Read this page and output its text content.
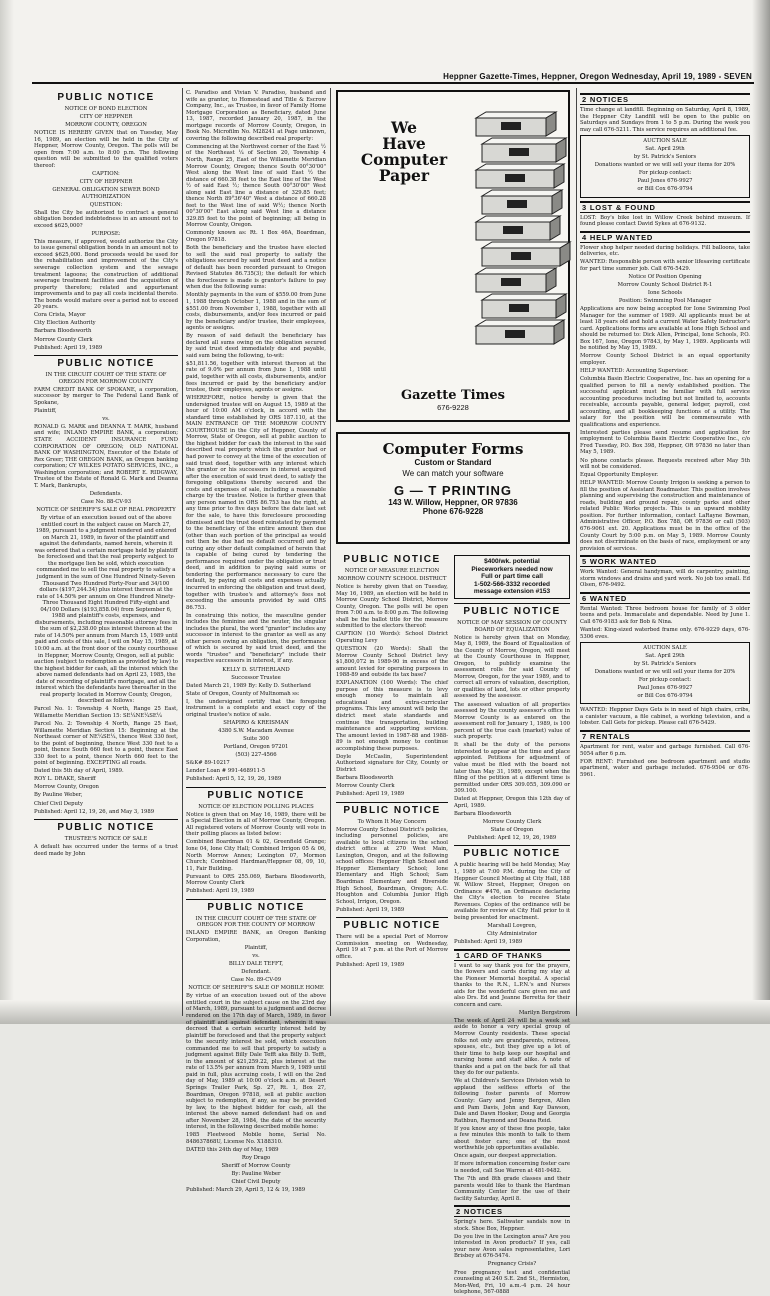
Heppner Gazette-Times, Heppner, Oregon Wednesday, April 19, 1989 - SEVEN
PUBLIC NOTICE

NOTICE OF BOND ELECTION

CITY OF HEPPNER

MORROW COUNTY, OREGON

NOTICE IS HEREBY GIVEN that on Tuesday, May 16, 1989, an election will be held in the City of Heppner, Morrow County, Oregon. The polls will be open from 7:00 a.m. to 8:00 p.m. The following question will be submitted to the qualified voters thereof:

CAPTION:

CITY OF HEPPNER

GENERAL OBLIGATION SEWER BOND AUTHORIZATION

QUESTION:

Shall the City be authorized to contract a general obligation bonded indebtedness in an amount not to exceed $625,000?

PURPOSE:

This measure, if approved, would authorize the City to issue general obligation bonds in an amount not to exceed $625,000. Bond proceeds would be used for the rehabilitation and improvement of the City's sewerage collection system and the sewage treatment lagoons; the construction of additional sewerage treatment facilities and the acquisition of property therefore; related and appurtenant improvements and to pay all costs incidental thereto. The bonds would mature over a period not to exceed 20 years.

Cora Crista, Mayor

City Election Authority

Barbara Bloodsworth

Morrow County Clerk

Published: April 19, 1989

PUBLIC NOTICE

IN THE CIRCUIT COURT OF THE STATE OF OREGON FOR MORROW COUNTY

FARM CREDIT BANK OF SPOKANE, a corporation, successor by merger to The Federal Land Bank of Spokane,

Plaintiff,

vs.

RONALD G. MARK and DEANNA T. MARK, husband and wife; INLAND EMPIRE BANK, a corporation; STATE ACCIDENT INSURANCE FUND CORPORATION OF OREGON; OLD NATIONAL BANK OF WASHINGTON, Executor of the Estate of Rex Greer; THE OREGON BANK, an Oregon banking corporation; CY WILKES POTATO SERVICES, INC., a Washington corporation; and ROBERT E. RIDGWAY, Trustee of the Estate of Ronald G. Mark and Deanna T. Mark, Bankrupts,

Defendants.

Case No. 88-CV-93

NOTICE OF SHERIFF'S SALE OF REAL PROPERTY

By virtue of an execution issued out of the above entitled court in the subject cause on March 27, 1989, pursuant to a judgment rendered and entered on March 21, 1989, in favor of the plaintiff and against the defendants, named herein, wherein it was ordered that a certain mortgage held by plaintiff be foreclosed and that the real property subject to the mortgage lien be sold, which execution commanded me to sell the real property to satisfy a judgment in the sum of One Hundred Ninety-Seven Thousand Two Hundred Forty-Four and 34/100 dollars ($197,244.34) plus interest thereon at the rate of 14.50% per annum on One Hundred Ninety-Three Thousand Eight Hundred Fifty-eight and 04/100 Dollars ($193,858.04) from September 6, 1988 and plaintiff's costs, expenses, and disbursements, including reasonable attorney fees in the sum of $2,238.00 plus interest thereon at the rate of 14.50% per annum from March 15, 1989 until paid and costs of this sale, I will on May 15, 1989, at 10:00 a.m. at the front door of the county courthouse in Heppner, Morrow County, Oregon, sell at public auction (subject to redemption as provided by law) to the highest bidder for cash, all the interest which the above named defendants had on April 23, 1985, the date of recording of plaintiff's mortgage, and all the interest which the defendants have thereafter in the real property located in Morrow County, Oregon, described as follows:

Parcel No. 1: Township 4 North, Range 25 East, Willamette Meridian Section 15: SE¼NE¼SE¼

Parcel No. 2: Township 4 North, Range 25 East, Willamette Meridian Section 15: Beginning at the Northeast corner of NE¼SE¼, thence West 330 feet, to the point of beginning, thence West 330 feet to a point, thence South 660 feet to a point, thence East 330 feet to a point, thence North 660 feet to the point of beginning. EXCEPTING all roads.

Dated this 5th day of April, 1989.

ROY L. DRAKE, Sheriff

Morrow County, Oregon

By Pauline Weber,

Chief Civil Deputy

Published: April 12, 19, 26, and May 3, 1989

PUBLIC NOTICE

TRUSTEE'S NOTICE OF SALE

A default has occurred under the terms of a trust deed made by John

C. Paradiso and Vivian V. Paradiso, husband and wife as grantor, to Homestead and Title & Escrow Company, Inc., as Trustee, in favor of Family Home Mortgage Corporation as Beneficiary, dated June 13, 1987, recorded January 20, 1987, in the mortgage records of Morrow County, Oregon, in Book No. Microfilm No. M28241 at Page unknown, covering the following described real property:

Commencing at the Northwest corner of the East ½ of the Northeast ¼ of Section 20, Township 4 North, Range 25, East of the Willamette Meridian Morrow County, Oregon; thence South 00°30'00" West along the West line of said East ½ the distance of 660.38 feet to the East line of the West ½ of said East ½; thence South 00°30'00" West along said East line a distance of 329.85 feet; thence North 89°36'40" West a distance of 660.28 feet to the West line of said W½; thence North 00°30'00" East along said West line a distance 329.85 feet to the point of beginning; all being in Morrow County, Oregon.

Commonly known as: Rt. 1 Box 46A, Boardman, Oregon 97818.

Both the beneficiary and the trustee have elected to sell the said real property to satisfy the obligations secured by said trust deed and a notice of default has been recorded pursuant to Oregon Revised Statutes 86.735(3); the default for which the foreclosure is made is grantor's failure to pay when due the following sums:

Monthly payments in the sum of $559.00 from June 1, 1988 through October 1, 1988 and in the sum of $551.00 from November 1, 1988, together with all costs, disbursements, and/or fees incurred or paid by the beneficiary and/or trustee, their employees, agents or assigns.

By reason of said default the beneficiary has declared all sums owing on the obligation secured by said trust deed immediately due and payable, said sum being the following, to-wit:

$51,811.56, together with interest thereon at the rate of 9.0% per annum from June 1, 1988 until paid, together with all costs, disbursements, and/or fees incurred or paid by the beneficiary and/or trustee, their employees, agents or assigns.

WHEREFORE, notice hereby is given that the undersigned trustee will on August 15, 1989 at the hour of 10:00 AM o'clock, in accord with the standard time established by ORS 187.110, at the MAIN ENTRANCE OF THE MORROW COUNTY COURTHOUSE in the City of Heppner, County of Morrow, State of Oregon, sell at public auction to the highest bidder for cash the interest in the said described real property which the grantor had or had power to convey at the time of the execution of said trust deed, together with any interest which the grantor or his successors in interest acquired after the execution of said trust deed, to satisfy the foregoing obligations thereby secured and the costs and expenses of sale, including a reasonable charge by the trustee. Notice is further given that any person named in ORS 86.753 has the right, at any time prior to five days before the date last set for the sale, to have this foreclosure proceeding dismissed and the trust deed reinstated by payment to the beneficiary of the entire amount then due (other than such portion of the principal as would not then be due had no default occurred) and by curing any other default complained of herein that is capable of being cured by tendering the performance required under the obligation or trust deed, and in addition to paying said sums or tendering the performance necessary to cure the default, by paying all costs and expenses actually incurred in enforcing the obligation and trust deed, together with trustee's and attorney's fees not exceeding the amounts provided by said ORS 86.753.

In construing this notice, the masculine gender includes the feminine and the neuter, the singular includes the plural, the word "grantor" includes any successor in interest to the grantor as well as any other person owing an obligation, the performance of which is secured by said trust deed, and the words "trustee" and "beneficiary" include their respective successors in interest, if any.

KELLY D. SUTHERLAND

Successor Trustee

Dated March 21, 1989 By: Kelly D. Sutherland

State of Oregon, County of Multnomah ss:

I, the undersigned certify that the foregoing instrument is a complete and exact copy of the original trustee's notice of sale.

SHAPIRO & KREISMAN

4380 S.W. Macadam Avenue

Suite 300

Portland, Oregon 97201

(503) 227-4566

S&K# 89-10217

Lender Loan # 991-468911-5

Published: April 5, 12, 19, 26, 1989

PUBLIC NOTICE

NOTICE OF ELECTION POLLING PLACES

Notice is given that on May 16, 1989, there will be a Special Election in all of Morrow County, Oregon. All registered voters of Morrow County will vote in their polling places as listed below:

Combined Boardman 01 & 02, Greenfield Grange; Ione 04, Ione City Hall; Combined Irrigon 05 & 06, North Morrow Annex; Lexington 07, Mormon Church; Combined Hardman/Heppner 08, 09, 10, 11, Fair Building.

Pursuant to ORS 255.069, Barbara Bloodsworth, Morrow County Clerk

Published: April 19, 1989

PUBLIC NOTICE

IN THE CIRCUIT COURT OF THE STATE OF OREGON FOR THE COUNTY OF MORROW

INLAND EMPIRE BANK, an Oregon Banking Corporation,

Plaintiff,

vs.

BILLY DALE TEFFT,

Defendant.

Case No. 89-CV-09

NOTICE OF SHERIFF'S SALE OF MOBILE HOME

By virtue of an execution issued out of the above entitled court in the subject cause on the 23rd day of March, 1989, pursuant to a judgment and decree rendered on the 17th day of March, 1989, in favor of plaintiff and against defendant, wherein it was decreed that a certain security interest held by plaintiff be foreclosed and that the property subject to the security interest be sold, which execution commanded me to sell that property to satisfy a judgment against Billy Dale Tefft aka Billy D. Tefft, in the amount of $21,259.22, plus interest at the rate of 13.5% per annum from March 9, 1989 until paid in full, plus accruing costs, I will on the 2nd day of May, 1989 at 10:00 o'clock a.m. at Desert Springs Trailer Park, Sp. 27, Rt. 1, Box 27, Boardman, Oregon 97818, sell at public auction subject to redemption, if any, as may be provided by law, to the highest bidder for cash, all the interest the above named defendant had on and after November 28, 1984, the date of the security interest, in the following described mobile home:

1985 Fleetwood Mobile home, Serial No. 848637868U, License No. X188310.

DATED this 24th day of May, 1989

Roy Drago

Sheriff of Morrow County

By: Pauline Weber

Chief Civil Deputy

Published: March 29, April 5, 12 & 19, 1989

We
Have
Computer
Paper
Gazette Times
676-9228
Computer Forms
Custom or Standard
We can match your software
G — T PRINTING
143 W. Willow, Heppner, OR 97836
Phone 676-9228
PUBLIC NOTICE

NOTICE OF MEASURE ELECTION

MORROW COUNTY SCHOOL DISTRICT

Notice is hereby given that on Tuesday, May 16, 1989, an election will be held in Morrow County School District, Morrow County, Oregon. The polls will be open from 7:00 a.m. to 8:00 p.m. The following shall be the ballot title for the measure submitted to the electors thereof:

CAPTION (10 Words): School District Operating Levy

QUESTION (20 Words): Shall the Morrow County School District levy $1,800,072 in 1989-90 in excess of the amount levied for operating purposes in 1988-89 and outside its tax base?

EXPLANATION (100 Words): The chief purpose of this measure is to levy enough money to maintain all educational and extra-curricular programs. This levy amount will help the district meet state standards and continue the transportation, building maintenance and supporting services. The amount levied in 1987-88 and 1988-89 is not enough money to continue accomplishing these purposes.

Doyle McCaslin, Superintendent Authorized signature for City, County or District

Barbara Bloodsworth

Morrow County Clerk

Published: April 19, 1989

PUBLIC NOTICE

To Whom It May Concern

Morrow County School District's policies, including personnel policies, are available to local citizens in the school district office at 270 West Main, Lexington, Oregon, and at the following school offices: Heppner High School and Heppner Elementary School; Ione Elementary and High School; Sam Boardman Elementary and Riverside High School, Boardman, Oregon; A.C. Houghton and Columbia Junior High School, Irrigon, Oregon.

Published: April 19, 1989

PUBLIC NOTICE

There will be a special Port of Morrow Commission meeting on Wednesday, April 19 at 7 p.m. at the Port of Morrow office.

Published: April 19, 1989

$400/wk. potential
Pieceworkers needed now
Full or part time call
1-502-566-3332 recorded
message extension #153
PUBLIC NOTICE

NOTICE OF MAY SESSION OF COUNTY BOARD OF EQUALIZATION

Notice is hereby given that on Monday, May 8, 1989, the Board of Equalization of the County of Morrow, Oregon, will meet at the County Courthouse in Heppner, Oregon, to publicly examine the assessment rolls for said County of Morrow, Oregon, for the year 1989, and to correct all errors of valuation, description, or qualities of land, lots or other property assessed by the assessor.

The assessed valuation of all properties assessed by the county assessor's office in Morrow County is as entered on the assessment roll for January 1, 1989, is 100 percent of the true cash (market) value of such property.

It shall be the duty of the persons interested to appear at the time and place appointed. Petitions for adjustment of value must be filed with the board not later than May 31, 1989, except when the filing of the petition at a different time is permitted under ORS 309.055, 309.090 or 309.100.

Dated at Heppner, Oregon this 12th day of April, 1989.

Barbara Bloodsworth

Morrow County Clerk

State of Oregon

Published: April 12, 19, 26, 1989

PUBLIC NOTICE

A public hearing will be held Monday, May 1, 1989 at 7:00 P.M. during the City of Heppner Council Meeting at City Hall, 188 W. Willow Street, Heppner, Oregon on Ordinance #476, an Ordinance declaring the City's election to receive State Revenues. Copies of the ordinance will be available for review at City Hall prior to it being presented for enactment.

Marshall Lovgren,

City Administrator

Published: April 19, 1989

1 CARD OF THANKS

I want to say thank you for the prayers, the flowers and cards during my stay at the Pioneer Memorial hospital. A special thanks to the R.N., L.P.N.'s and Nurses aids for the wonderful care given me and also Drs. Ed and Jeanne Berretta for their concern and care.

Marilyn Bergstrom

The week of April 24 will be a week set aside to honor a very special group of Morrow County residents. These special folks not only are grandparents, retirees, spouses, etc., but they give up a lot of their time to help keep our hospital and nursing home and staff alike. A note of thanks and a pat on the back for all that they do for our patients.

We at Children's Services Division wish to applaud the selfless efforts of the following foster parents of Morrow County: Gary and Jenny Bergren, Allen and Pam Davis, John and Kay Dawson, Dale and Dawn Hooker, Doug and Georgia Rathbun, Raymond and Deana Reid.

If you know any of these fine people, take a few minutes this month to talk to them about foster care; one of the most worthwhile job opportunities available.

Once again, our deepest appreciation.

If more information concerning foster care is needed, call Sue Warren at 481-9482.

The 7th and 8th grade classes and their parents would like to thank the Hardman Community Center for the use of their facility Saturday, April 8.

2 NOTICES

Spring's here. Saltwater sandals now in stock. Shoe Box, Heppner.

Do you live in the Lexington area? Are you interested in Avon products? If yes, call your new Avon sales representative, Lori Brisbey at 676-5474.

Pregnancy Crisis?

Free pregnancy test and confidential counseling at 240 S.E. 2nd St., Hermiston, Mon-Wed, Fri, 10 a.m.-4 p.m. 24 hour telephone, 567-0888

2 NOTICES

Time change at landfill. Beginning on Saturday, April 8, 1989, the Heppner City Landfill will be open to the public on Saturdays and Sundays from 1 to 5 p.m. During the week you may call 676-5211. This service requires an additional fee.

AUCTION SALE

Sat. April 29th

by St. Patrick's Seniors

Donations wanted or we will sell your items for 20%

For pickup contact:

Paul Jones 676-9927

or Bill Cox 676-9794

3 LOST & FOUND

LOST: Boy's bike lost in Willow Creek behind museum. If found please contact David Sykes at 676-9132.

4 HELP WANTED

Flower shop helper needed during holidays. Fill balloons, take deliveries, etc.

WANTED: Responsible person with senior lifesaving certificate for part time summer job. Call 676-5429.

Notice Of Position Opening

Morrow County School District R-1

Ione Schools

Position: Swimming Pool Manager

Applications are now being accepted for Ione Swimming Pool Manager for the summer of 1989. All applicants must be at least 18 years old and hold a current Water Safety Instructor's card. Applications forms are available at Ione High School and should be returned to: Dick Allen, Principal, Ione Schools, P.O. Box 167, Ione, Oregon 97843, by May 1, 1989. Applicants will be notified by May 15, 1989.

Morrow County School District is an equal opportunity employer.

HELP WANTED: Accounting Supervisor.

Columbia Basin Electric Cooperative, Inc. has an opening for a qualified person to fill a newly established position. The successful applicant must be familiar with full service accounting procedures including but not limited to, accounts receivable, accounts payable, general ledger, payroll, cost accounting, and all bookkeeping functions of a utility. The salary for the position will be commensurate with qualifications and experience.

Interested parties please send resume and application for employment to Columbia Basin Electric Cooperative Inc., c/o Fred Tuesday, P.O. Box 398, Heppner, OR 97836 no later than May 5, 1989.

No phone contacts please. Requests received after May 5th will not be considered.

Equal Opportunity Employer.

HELP WANTED: Morrow County Irrigon is seeking a person to fill the position of Assistant Roadmaster. This position involves planning and supervising the construction and maintenance of roads, building and ground repair, county parks and other related Public Works projects. This is an upward mobility position. For further information, contact LaRayne Bowman, Administrative Officer, P.O. Box 788, OR 97836 or call (503) 676-9061 ext. 20. Applications must be in the office of the County Court by 5:00 p.m. on May 5, 1989. Morrow County does not discriminate on the basis of race, employment or any provision of services.

5 WORK WANTED

Work Wanted: General handyman, will do carpentry, painting, storm windows and drains and yard work. No job too small. Ed Olsen, 676-9492.

6 WANTED

Rental Wanted: Three bedroom house for family of 3 older teens and pets. Immaculate and dependable. Need by June 1. Call 676-9183 ask for Bob & Nina.

Wanted: King-sized waterbed frame only. 676-9229 days, 676-5306 eves.

AUCTION SALE

Sat. April 29th

by St. Patrick's Seniors

Donations wanted or we will sell your items for 20%

For pickup contact:

Paul Jones 676-9927

or Bill Cox 676-9794

WANTED: Heppner Days Gets is in need of high chairs, cribs, a canister vacuum, a file cabinet, a working television, and a lobster. Call Gets for pickup. Please call 676-5429.

7 RENTALS

Apartment for rent, water and garbage furnished. Call 676-5054 after 6 p.m.

FOR RENT: Furnished one bedroom apartment and studio apartment, water and garbage included. 676-9504 or 676-5961.
